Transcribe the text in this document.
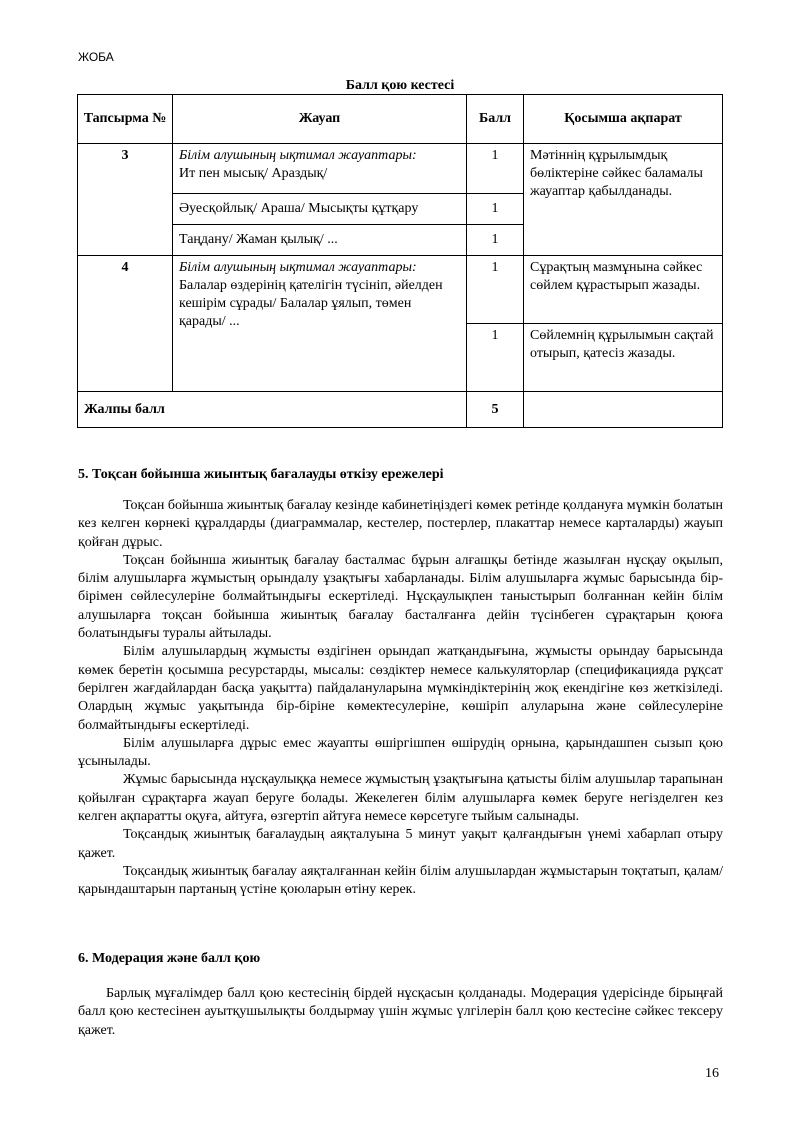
ЖОБА
Балл қою кестесі
Тапсырма №	Жауап	Балл	Қосымша ақпарат
3	Білім алушының ықтимал жауаптары:
Ит пен мысық/ Араздық/	1	Мәтіннің құрылымдық бөліктеріне сәйкес баламалы жауаптар қабылданады.
	Әуесқойлық/ Араша/ Мысықты құтқару	1	
	Таңдану/ Жаман қылық/ ...	1	
4	Білім алушының ықтимал жауаптары:
Балалар өздерінің қателігін түсініп, әйелден кешірім сұрады/ Балалар ұялып, төмен қарады/ ...	1	Сұрақтың мазмұнына сәйкес сөйлем құрастырып жазады.
		1	Сөйлемнің құрылымын сақтай отырып, қатесіз жазады.
Жалпы балл		5	
5. Тоқсан бойынша жиынтық бағалауды өткізу ережелері

Тоқсан бойынша жиынтық бағалау кезінде кабинетіңіздегі көмек ретінде қолдануға мүмкін болатын кез келген көрнекі құралдарды (диаграммалар, кестелер, постерлер, плакаттар немесе карталарды) жауып қойған дұрыс.

Тоқсан бойынша жиынтық бағалау басталмас бұрын алғашқы бетінде жазылған нұсқау оқылып, білім алушыларға жұмыстың орындалу ұзақтығы хабарланады. Білім алушыларға жұмыс барысында бір-бірімен сөйлесулеріне болмайтындығы ескертіледі. Нұсқаулықпен таныстырып болғаннан кейін білім алушыларға тоқсан бойынша жиынтық бағалау басталғанға дейін түсінбеген сұрақтарын қоюға болатындығы туралы айтылады.

Білім алушылардың жұмысты өздігінен орындап жатқандығына, жұмысты орындау барысында көмек беретін қосымша ресурстарды, мысалы: сөздіктер немесе калькуляторлар (спецификацияда рұқсат берілген жағдайлардан басқа уақытта) пайдалануларына мүмкіндіктерінің жоқ екендігіне көз жеткізіледі. Олардың жұмыс уақытында бір-біріне көмектесулеріне, көшіріп алуларына және сөйлесулеріне болмайтындығы ескертіледі.

Білім алушыларға дұрыс емес жауапты өшіргішпен өшірудің орнына, қарындашпен сызып қою ұсынылады.

Жұмыс барысында нұсқаулыққа немесе жұмыстың ұзақтығына қатысты білім алушылар тарапынан қойылған сұрақтарға жауап беруге болады. Жекелеген білім алушыларға көмек беруге негізделген кез келген ақпаратты оқуға, айтуға, өзгертіп айтуға немесе көрсетуге тыйым салынады.

Тоқсандық жиынтық бағалаудың аяқталуына 5 минут уақыт қалғандығын үнемі хабарлап отыру қажет.

Тоқсандық жиынтық бағалау аяқталғаннан кейін білім алушылардан жұмыстарын тоқтатып, қалам/қарындаштарын партаның үстіне қоюларын өтіну керек.

6. Модерация және балл қою

Барлық мұғалімдер балл қою кестесінің бірдей нұсқасын қолданады. Модерация үдерісінде бірыңғай балл қою кестесінен ауытқушылықты болдырмау үшін жұмыс үлгілерін балл қою кестесіне сәйкес тексеру қажет.

16
